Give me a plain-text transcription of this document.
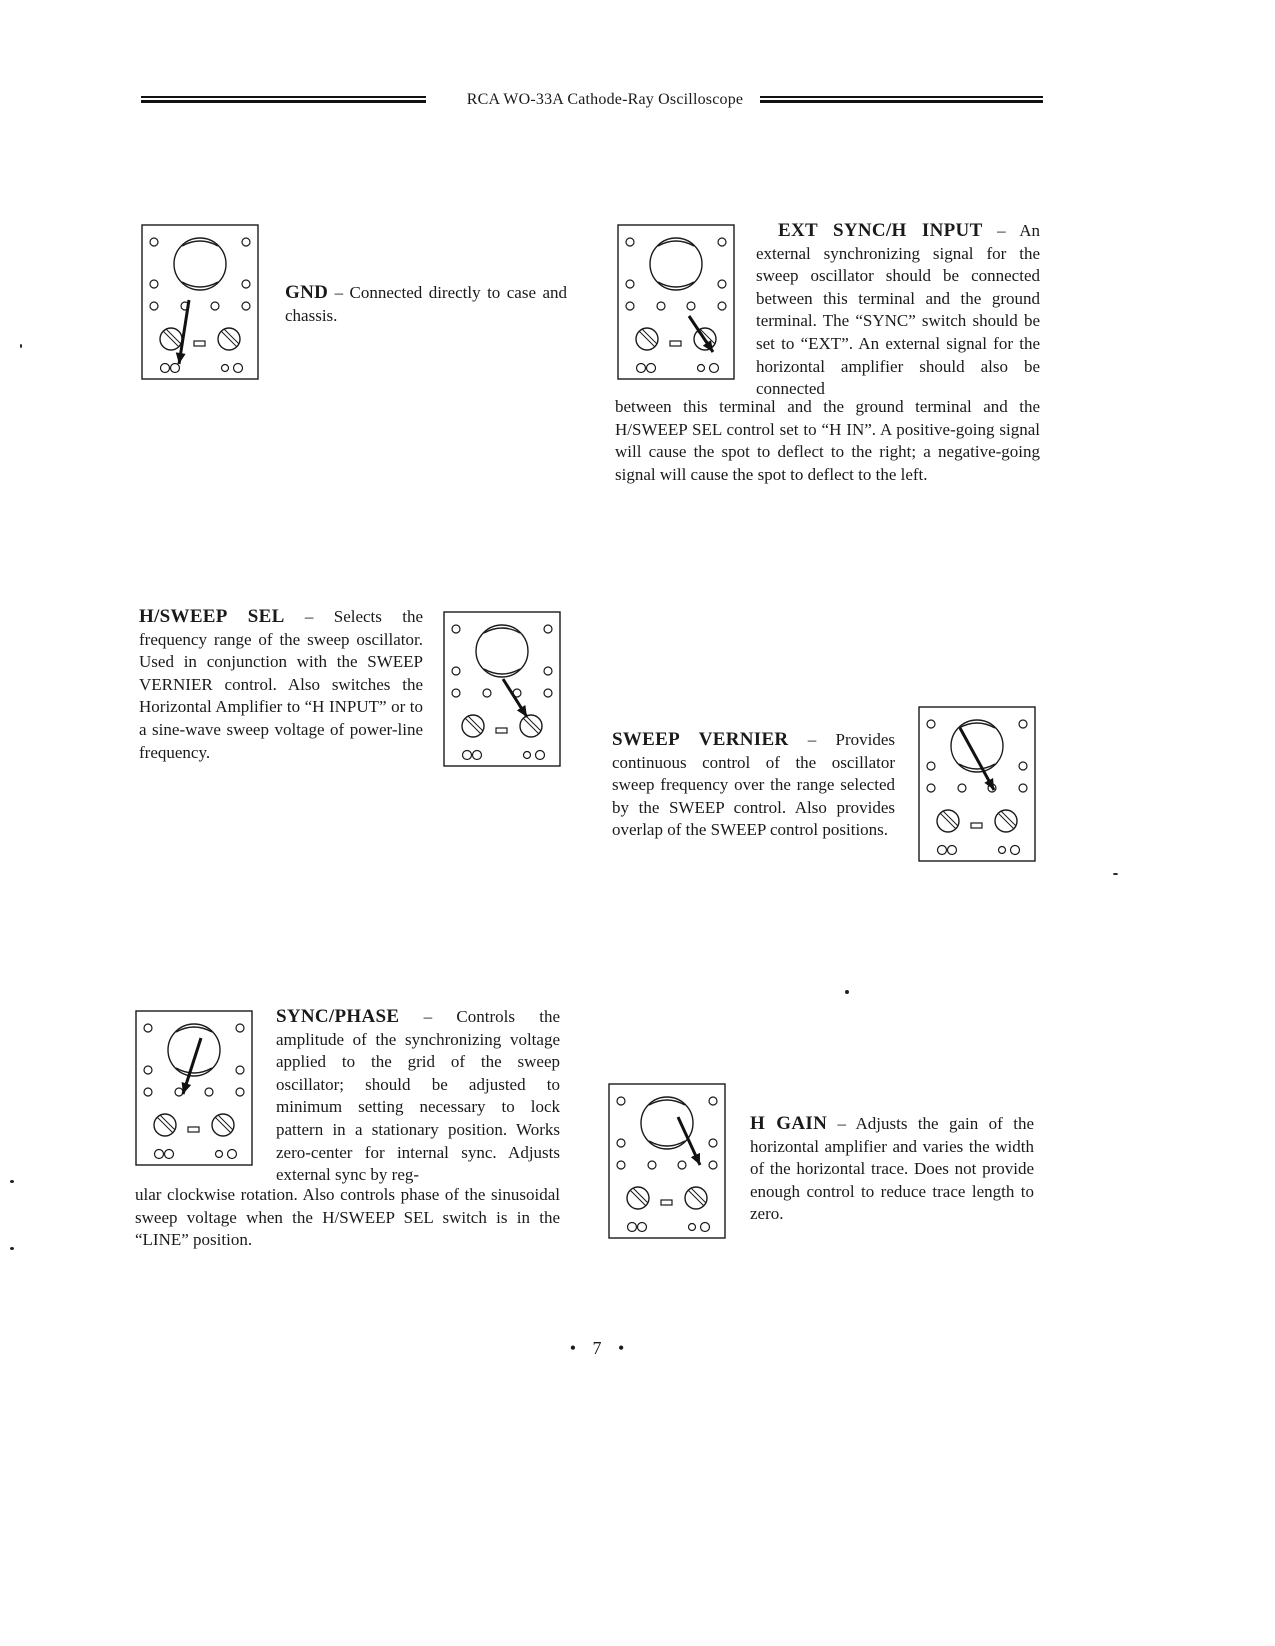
RCA WO-33A Cathode-Ray Oscilloscope

GND – Connected directly to case and chassis.

EXT SYNC/H INPUT – An external synchronizing signal for the sweep oscillator should be connected between this terminal and the ground terminal. The “SYNC” switch should be set to “EXT”. An external signal for the horizontal amplifier should also be connected

between this terminal and the ground terminal and the H/SWEEP SEL control set to “H IN”. A positive-going signal will cause the spot to deflect to the right; a negative-going signal will cause the spot to deflect to the left.

H/SWEEP SEL – Selects the frequency range of the sweep oscillator. Used in conjunction with the SWEEP VERNIER control. Also switches the Horizontal Amplifier to “H INPUT” or to a sine-wave sweep voltage of power-line frequency.

SWEEP VERNIER – Provides continuous control of the oscillator sweep frequency over the range selected by the SWEEP control. Also provides overlap of the SWEEP control positions.

SYNC/PHASE – Controls the amplitude of the synchronizing voltage applied to the grid of the sweep oscillator; should be adjusted to minimum setting necessary to lock pattern in a stationary position. Works zero-center for internal sync. Adjusts external sync by reg-

ular clockwise rotation. Also controls phase of the sinusoidal sweep voltage when the H/SWEEP SEL switch is in the “LINE” position.

H GAIN – Adjusts the gain of the horizontal amplifier and varies the width of the horizontal trace. Does not provide enough control to reduce trace length to zero.

• 7 •
